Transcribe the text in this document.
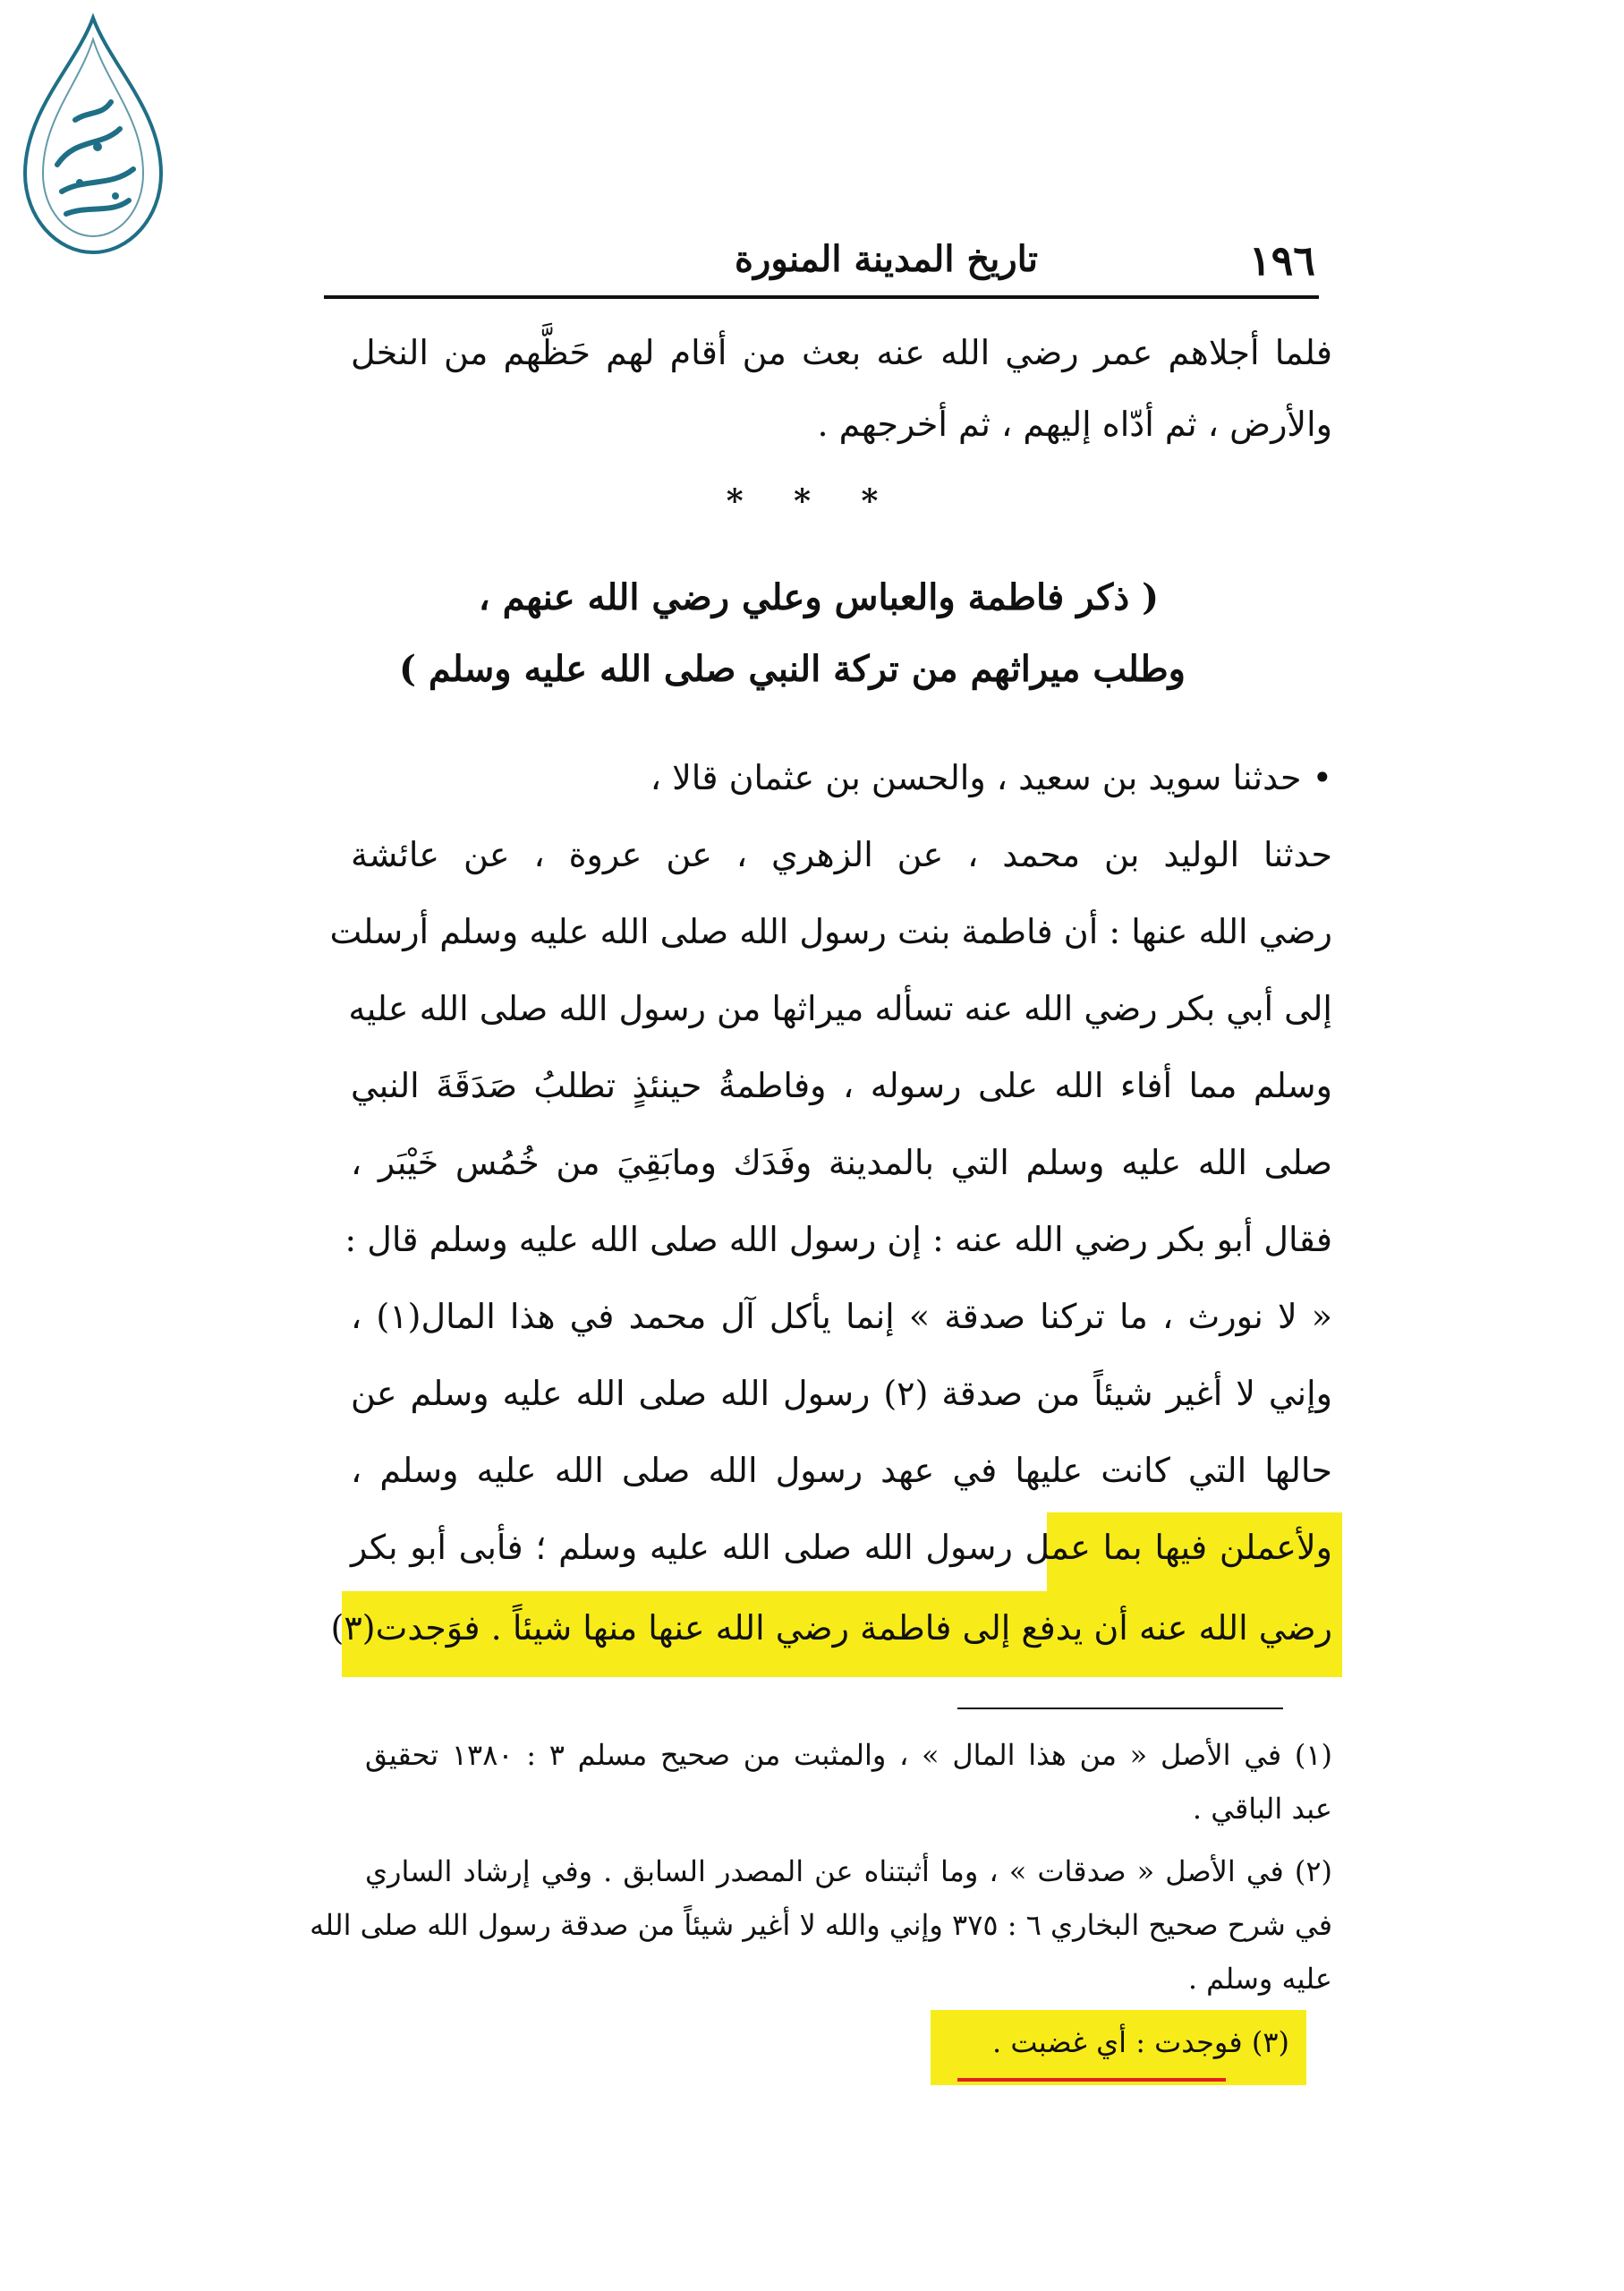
١٩٦
تاريخ المدينة المنورة
فلما أجلاهم عمر رضي الله عنه بعث من أقام لهم حَظَّهم من النخل
والأرض ، ثم أدّاه إليهم ، ثم أخرجهم .
* * *
( ذكر فاطمة والعباس وعلي رضي الله عنهم ،
وطلب ميراثهم من تركة النبي صلى الله عليه وسلم )
• حدثنا سويد بن سعيد ، والحسن بن عثمان قالا ،
حدثنا الوليد بن محمد ، عن الزهري ، عن عروة ، عن عائشة
رضي الله عنها : أن فاطمة بنت رسول الله صلى الله عليه وسلم أرسلت
إلى أبي بكر رضي الله عنه تسأله ميراثها من رسول الله صلى الله عليه
وسلم مما أفاء الله على رسوله ، وفاطمةُ حينئذٍ تطلبُ صَدَقَةَ النبي
صلى الله عليه وسلم التي بالمدينة وفَدَك ومابَقِيَ من خُمُس خَيْبَر ،
فقال أبو بكر رضي الله عنه : إن رسول الله صلى الله عليه وسلم قال :
« لا نورث ، ما تركنا صدقة » إنما يأكل آل محمد في هذا المال(١) ،
وإني لا أغير شيئاً من صدقة (٢) رسول الله صلى الله عليه وسلم عن
حالها التي كانت عليها في عهد رسول الله صلى الله عليه وسلم ،
ولأعملن فيها بما عمل رسول الله صلى الله عليه وسلم ؛ فأبى أبو بكر
رضي الله عنه أن يدفع إلى فاطمة رضي الله عنها منها شيئاً . فوَجدت(٣)
(١) في الأصل « من هذا المال » ، والمثبت من صحيح مسلم ٣ : ١٣٨٠ تحقيق
عبد الباقي .
(٢) في الأصل « صدقات » ، وما أثبتناه عن المصدر السابق . وفي إرشاد الساري
في شرح صحيح البخاري ٦ : ٣٧٥ وإني والله لا أغير شيئاً من صدقة رسول الله صلى الله
عليه وسلم .
(٣) فوجدت : أي غضبت .
